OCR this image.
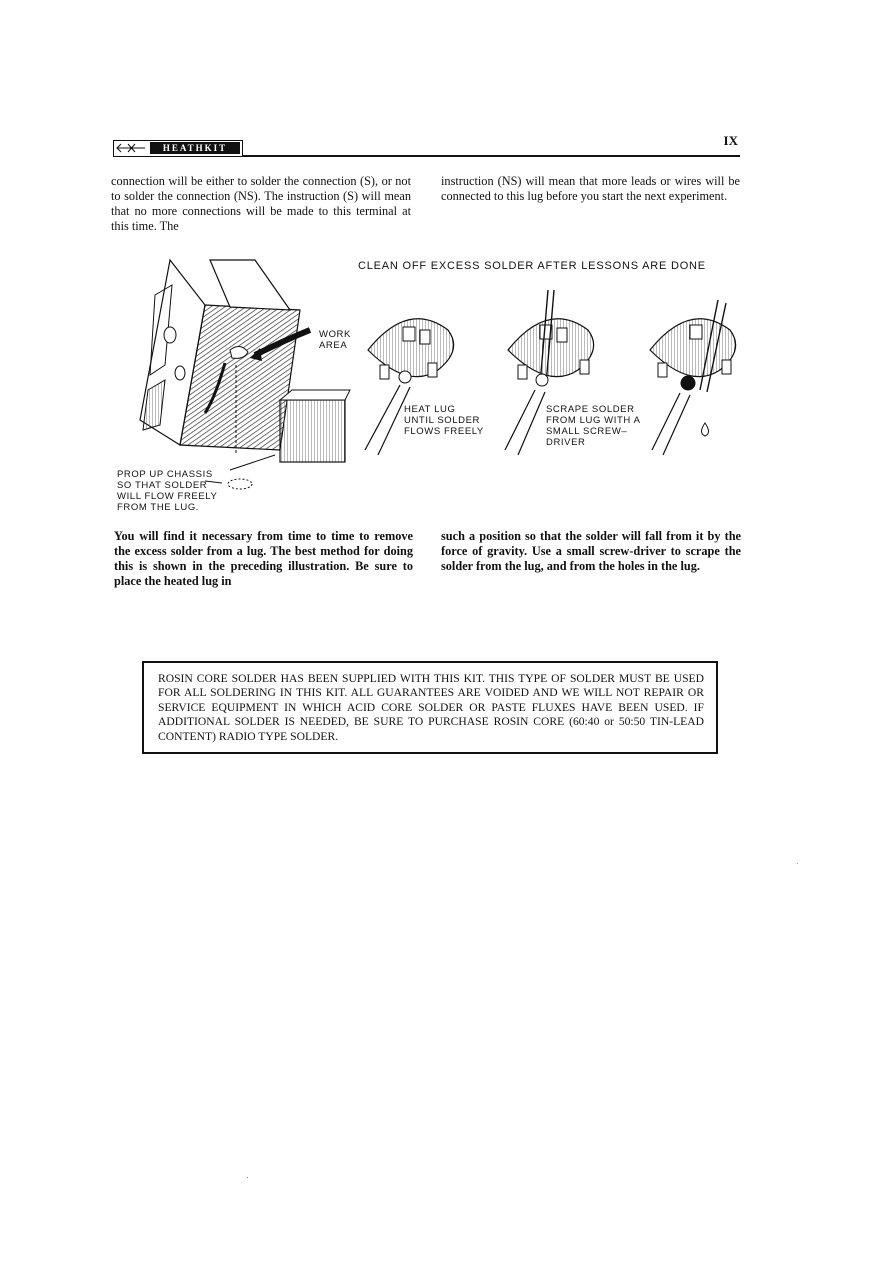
HEATHKIT	IX
connection will be either to solder the connection (S), or not to solder the connection (NS). The instruction (S) will mean that no more connections will be made to this terminal at this time. The
instruction (NS) will mean that more leads or wires will be connected to this lug before you start the next experiment.
CLEAN OFF EXCESS SOLDER AFTER LESSONS ARE DONE
WORK
AREA
HEAT LUG
UNTIL SOLDER
FLOWS FREELY
SCRAPE SOLDER
FROM LUG WITH A
SMALL SCREW–
DRIVER
PROP UP CHASSIS
SO THAT SOLDER
WILL FLOW FREELY
FROM THE LUG.
You will find it necessary from time to time to remove the excess solder from a lug. The best method for doing this is shown in the preceding illustration. Be sure to place the heated lug in
such a position so that the solder will fall from it by the force of gravity. Use a small screw-driver to scrape the solder from the lug, and from the holes in the lug.
ROSIN CORE SOLDER HAS BEEN SUPPLIED WITH THIS KIT. THIS TYPE OF SOLDER MUST BE USED FOR ALL SOLDERING IN THIS KIT. ALL GUARANTEES ARE VOIDED AND WE WILL NOT REPAIR OR SERVICE EQUIPMENT IN WHICH ACID CORE SOLDER OR PASTE FLUXES HAVE BEEN USED. IF ADDITIONAL SOLDER IS NEEDED, BE SURE TO PURCHASE ROSIN CORE (60:40 or 50:50 TIN-LEAD CONTENT) RADIO TYPE SOLDER.
